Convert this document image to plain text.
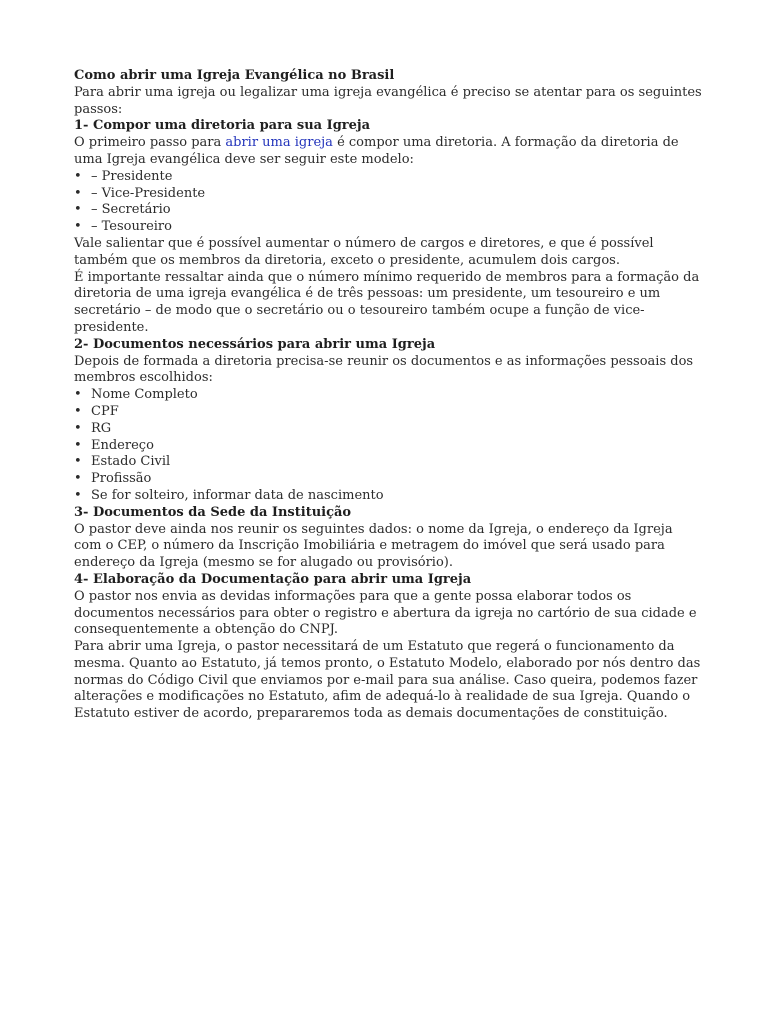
Como abrir uma Igreja Evangélica no Brasil

Para abrir uma igreja ou legalizar uma igreja evangélica é preciso se atentar para os seguintes passos:

1- Compor uma diretoria para sua Igreja

O primeiro passo para abrir uma igreja é compor uma diretoria. A formação da diretoria de uma Igreja evangélica deve ser seguir este modelo:

• – Presidente
• – Vice-Presidente
• – Secretário
• – Tesoureiro

Vale salientar que é possível aumentar o número de cargos e diretores, e que é possível também que os membros da diretoria, exceto o presidente, acumulem dois cargos.

É importante ressaltar ainda que o número mínimo requerido de membros para a formação da diretoria de uma igreja evangélica é de três pessoas: um presidente, um tesoureiro e um secretário – de modo que o secretário ou o tesoureiro também ocupe a função de vice-presidente.

2- Documentos necessários para abrir uma Igreja

Depois de formada a diretoria precisa-se reunir os documentos e as informações pessoais dos membros escolhidos:

• Nome Completo
• CPF
• RG
• Endereço
• Estado Civil
• Profissão
• Se for solteiro, informar data de nascimento

3- Documentos da Sede da Instituição

O pastor deve ainda nos reunir os seguintes dados: o nome da Igreja, o endereço da Igreja com o CEP, o número da Inscrição Imobiliária e metragem do imóvel que será usado para endereço da Igreja (mesmo se for alugado ou provisório).

4- Elaboração da Documentação para abrir uma Igreja

O pastor nos envia as devidas informações para que a gente possa elaborar todos os documentos necessários para obter o registro e abertura da igreja no cartório de sua cidade e consequentemente a obtenção do CNPJ.

Para abrir uma Igreja, o pastor necessitará de um Estatuto que regerá o funcionamento da mesma. Quanto ao Estatuto, já temos pronto, o Estatuto Modelo, elaborado por nós dentro das normas do Código Civil que enviamos por e-mail para sua análise. Caso queira, podemos fazer alterações e modificações no Estatuto, afim de adequá-lo à realidade de sua Igreja. Quando o Estatuto estiver de acordo, prepararemos toda as demais documentações de constituição.
